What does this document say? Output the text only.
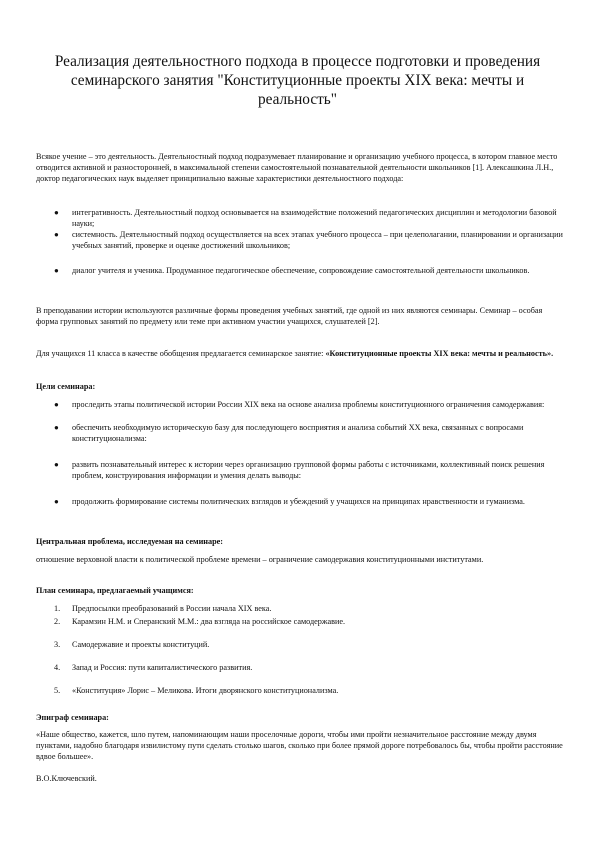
Реализация деятельностного подхода в процессе подготовки и проведения семинарского занятия "Конституционные проекты XIX века: мечты и реальность"
Всякое учение – это деятельность. Деятельностный подход подразумевает планирование и организацию учебного процесса, в котором главное место отводится активной и разносторонней, в максимальной степени самостоятельной познавательной деятельности школьников [1]. Алексашкина Л.Н., доктор педагогических наук выделяет принципиально важные характеристики деятельностного подхода:
● интегративность. Деятельностный подход основывается на взаимодействие положений педагогических дисциплин и методологии базовой науки;
● системность. Деятельностный подход осуществляется на всех этапах учебного процесса – при целеполагании, планировании и организации учебных занятий, проверке и оценке достижений школьников;
● диалог учителя и ученика. Продуманное педагогическое обеспечение, сопровождение самостоятельной деятельности школьников.
В преподавании истории используются различные формы проведения учебных занятий, где одной из них являются семинары. Семинар – особая форма групповых занятий по предмету или теме при активном участии учащихся, слушателей [2].
Для учащихся 11 класса в качестве обобщения предлагается семинарское занятие: «Конституционные проекты XIX века: мечты и реальность».
Цели семинара:
● проследить этапы политической истории России XIX века на основе анализа проблемы конституционного ограничения самодержавия:
● обеспечить необходимую историческую базу для последующего восприятия и анализа событий XX века, связанных с вопросами конституционализма:
● развить познавательный интерес к истории через организацию групповой формы работы с источниками, коллективный поиск решения проблем, конструирования информации и умения делать выводы:
● продолжить формирование системы политических взглядов и убеждений у учащихся на принципах нравственности и гуманизма.
Центральная проблема, исследуемая на семинаре:
отношение верховной власти к политической проблеме времени – ограничение самодержавия конституционными институтами.
План семинара, предлагаемый учащимся:
1. Предпосылки преобразований в России начала XIX века.
2. Карамзин Н.М. и Сперанский М.М.: два взгляда на российское самодержавие.
3. Самодержавие и проекты конституций.
4. Запад и Россия: пути капиталистического развития.
5. «Конституция» Лорис – Меликова. Итоги дворянского конституционализма.
Эпиграф семинара:
«Наше общество, кажется, шло путем, напоминающим наши проселочные дороги, чтобы ими пройти незначительное расстояние между двумя пунктами, надобно благодаря извилистому пути сделать столько шагов, сколько при более прямой дороге потребовалось бы, чтобы пройти расстояние вдвое большее».
В.О.Ключевский.
